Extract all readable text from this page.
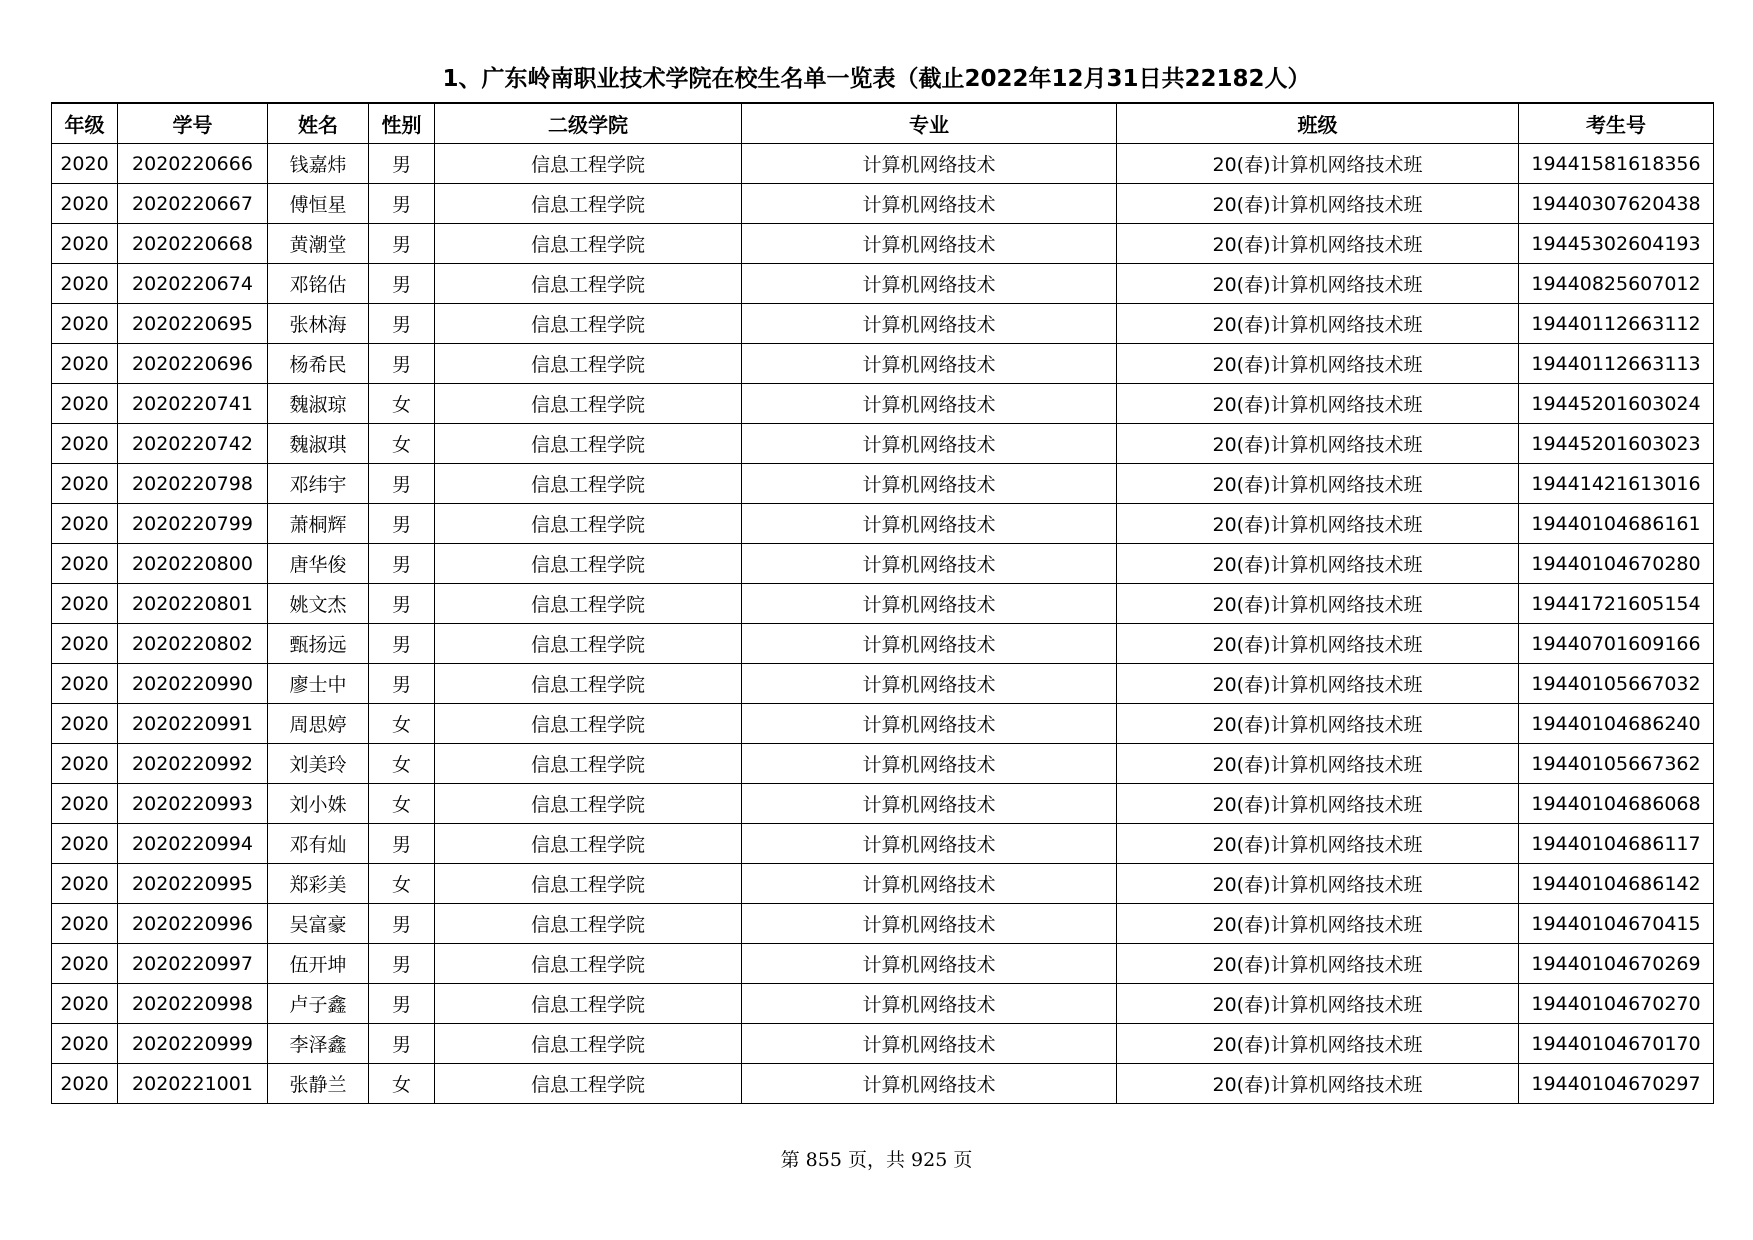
1、广东岭南职业技术学院在校生名单一览表（截止2022年12月31日共22182人）
年级	学号	姓名	性别	二级学院	专业	班级	考生号
2020	2020220666	钱嘉炜	男	信息工程学院	计算机网络技术	20(春)计算机网络技术班	19441581618356
2020	2020220667	傅恒星	男	信息工程学院	计算机网络技术	20(春)计算机网络技术班	19440307620438
2020	2020220668	黄潮堂	男	信息工程学院	计算机网络技术	20(春)计算机网络技术班	19445302604193
2020	2020220674	邓铭估	男	信息工程学院	计算机网络技术	20(春)计算机网络技术班	19440825607012
2020	2020220695	张林海	男	信息工程学院	计算机网络技术	20(春)计算机网络技术班	19440112663112
2020	2020220696	杨希民	男	信息工程学院	计算机网络技术	20(春)计算机网络技术班	19440112663113
2020	2020220741	魏淑琼	女	信息工程学院	计算机网络技术	20(春)计算机网络技术班	19445201603024
2020	2020220742	魏淑琪	女	信息工程学院	计算机网络技术	20(春)计算机网络技术班	19445201603023
2020	2020220798	邓纬宇	男	信息工程学院	计算机网络技术	20(春)计算机网络技术班	19441421613016
2020	2020220799	萧桐辉	男	信息工程学院	计算机网络技术	20(春)计算机网络技术班	19440104686161
2020	2020220800	唐华俊	男	信息工程学院	计算机网络技术	20(春)计算机网络技术班	19440104670280
2020	2020220801	姚文杰	男	信息工程学院	计算机网络技术	20(春)计算机网络技术班	19441721605154
2020	2020220802	甄扬远	男	信息工程学院	计算机网络技术	20(春)计算机网络技术班	19440701609166
2020	2020220990	廖士中	男	信息工程学院	计算机网络技术	20(春)计算机网络技术班	19440105667032
2020	2020220991	周思婷	女	信息工程学院	计算机网络技术	20(春)计算机网络技术班	19440104686240
2020	2020220992	刘美玲	女	信息工程学院	计算机网络技术	20(春)计算机网络技术班	19440105667362
2020	2020220993	刘小姝	女	信息工程学院	计算机网络技术	20(春)计算机网络技术班	19440104686068
2020	2020220994	邓有灿	男	信息工程学院	计算机网络技术	20(春)计算机网络技术班	19440104686117
2020	2020220995	郑彩美	女	信息工程学院	计算机网络技术	20(春)计算机网络技术班	19440104686142
2020	2020220996	吴富豪	男	信息工程学院	计算机网络技术	20(春)计算机网络技术班	19440104670415
2020	2020220997	伍开坤	男	信息工程学院	计算机网络技术	20(春)计算机网络技术班	19440104670269
2020	2020220998	卢子鑫	男	信息工程学院	计算机网络技术	20(春)计算机网络技术班	19440104670270
2020	2020220999	李泽鑫	男	信息工程学院	计算机网络技术	20(春)计算机网络技术班	19440104670170
2020	2020221001	张静兰	女	信息工程学院	计算机网络技术	20(春)计算机网络技术班	19440104670297
第 855 页，共 925 页
